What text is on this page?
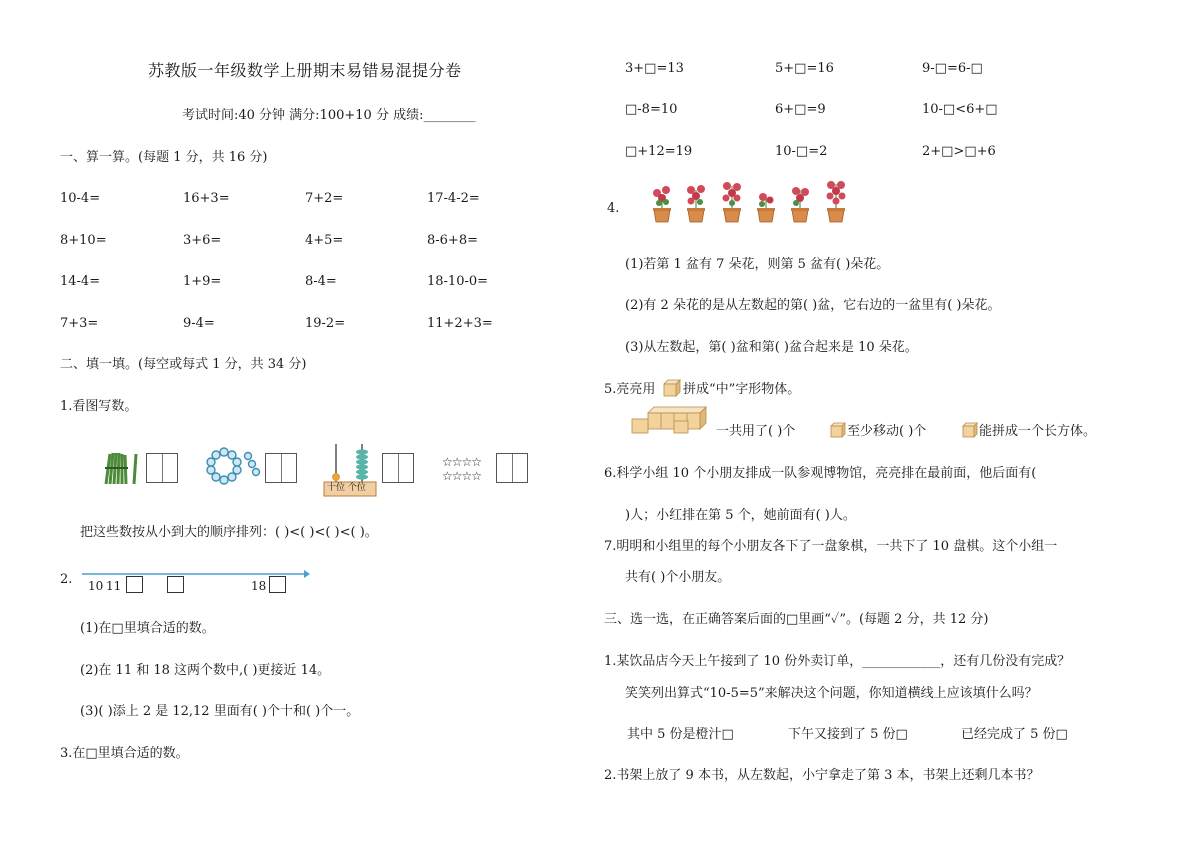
苏教版一年级数学上册期末易错易混提分卷
考试时间:40 分钟 满分:100+10 分 成绩:________
一、算一算。(每题 1 分，共 16 分)
10-4=	16+3=	7+2=	17-4-2=
8+10=	3+6=	4+5=	8-6+8=
14-4=	1+9=	8-4=	18-10-0=
7+3=	9-4=	19-2=	11+2+3=
二、填一填。(每空或每式 1 分，共 34 分)
1.看图写数。
十位 个位
☆☆☆☆
☆☆☆☆
把这些数按从小到大的顺序排列：( )<( )<( )<( )。
2. 10 11	18
(1)在□里填合适的数。
(2)在 11 和 18 这两个数中,( )更接近 14。
(3)( )添上 2 是 12,12 里面有( )个十和( )个一。
3.在□里填合适的数。
3+□=13	5+□=16	9-□=6-□
□-8=10	6+□=9	10-□<6+□
□+12=19	10-□=2	2+□>□+6
4.
(1)若第 1 盆有 7 朵花，则第 5 盆有( )朵花。
(2)有 2 朵花的是从左数起的第( )盆，它右边的一盆里有( )朵花。
(3)从左数起，第( )盆和第( )盆合起来是 10 朵花。
5.亮亮用 拼成“中”字形物体。
一共用了( )个	至少移动( )个	能拼成一个长方体。
6.科学小组 10 个小朋友排成一队参观博物馆，亮亮排在最前面，他后面有(
)人；小红排在第 5 个，她前面有( )人。
7.明明和小组里的每个小朋友各下了一盘象棋，一共下了 10 盘棋。这个小组一
共有( )个小朋友。
三、选一选，在正确答案后面的□里画“✓”。(每题 2 分，共 12 分)
1.某饮品店今天上午接到了 10 份外卖订单，____________，还有几份没有完成？
笑笑列出算式“10-5=5”来解决这个问题，你知道横线上应该填什么吗？
其中 5 份是橙汁□	下午又接到了 5 份□	已经完成了 5 份□
2.书架上放了 9 本书，从左数起，小宁拿走了第 3 本，书架上还剩几本书？
